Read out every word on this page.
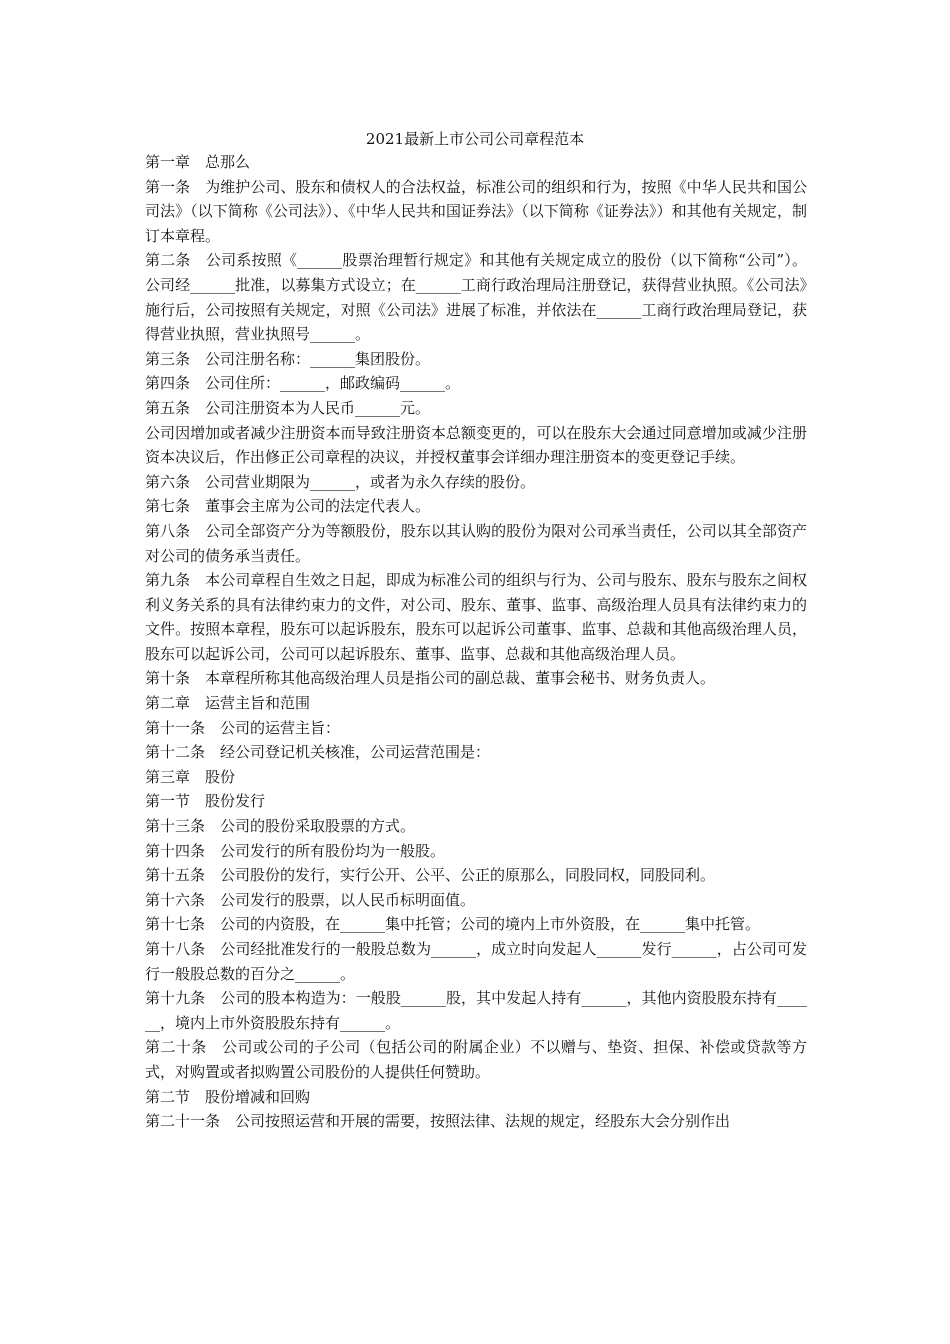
2021最新上市公司公司章程范本

第一章　总那么

第一条　为维护公司、股东和债权人的合法权益，标准公司的组织和行为，按照《中华人民共和国公司法》（以下简称《公司法》）、《中华人民共和国证券法》（以下简称《证券法》）和其他有关规定，制订本章程。

第二条　公司系按照《______股票治理暂行规定》和其他有关规定成立的股份（以下简称“公司”）。公司经______批准，以募集方式设立；在______工商行政治理局注册登记，获得营业执照。《公司法》施行后，公司按照有关规定，对照《公司法》进展了标准，并依法在______工商行政治理局登记，获得营业执照，营业执照号______。

第三条　公司注册名称：______集团股份。

第四条　公司住所：______，邮政编码______。

第五条　公司注册资本为人民币______元。

公司因增加或者减少注册资本而导致注册资本总额变更的，可以在股东大会通过同意增加或减少注册资本决议后，作出修正公司章程的决议，并授权董事会详细办理注册资本的变更登记手续。

第六条　公司营业期限为______，或者为永久存续的股份。

第七条　董事会主席为公司的法定代表人。

第八条　公司全部资产分为等额股份，股东以其认购的股份为限对公司承当责任，公司以其全部资产对公司的债务承当责任。

第九条　本公司章程自生效之日起，即成为标准公司的组织与行为、公司与股东、股东与股东之间权利义务关系的具有法律约束力的文件，对公司、股东、董事、监事、高级治理人员具有法律约束力的文件。按照本章程，股东可以起诉股东，股东可以起诉公司董事、监事、总裁和其他高级治理人员，股东可以起诉公司，公司可以起诉股东、董事、监事、总裁和其他高级治理人员。

第十条　本章程所称其他高级治理人员是指公司的副总裁、董事会秘书、财务负责人。

第二章　运营主旨和范围

第十一条　公司的运营主旨：

第十二条　经公司登记机关核准，公司运营范围是：

第三章　股份

第一节　股份发行

第十三条　公司的股份采取股票的方式。

第十四条　公司发行的所有股份均为一般股。

第十五条　公司股份的发行，实行公开、公平、公正的原那么，同股同权，同股同利。

第十六条　公司发行的股票，以人民币标明面值。

第十七条　公司的内资股，在______集中托管；公司的境内上市外资股，在______集中托管。

第十八条　公司经批准发行的一般股总数为______，成立时向发起人______发行______，占公司可发行一般股总数的百分之______。

第十九条　公司的股本构造为：一般股______股，其中发起人持有______，其他内资股股东持有______，境内上市外资股股东持有______。

第二十条　公司或公司的子公司（包括公司的附属企业）不以赠与、垫资、担保、补偿或贷款等方式，对购置或者拟购置公司股份的人提供任何赞助。

第二节　股份增减和回购

第二十一条　公司按照运营和开展的需要，按照法律、法规的规定，经股东大会分别作出
